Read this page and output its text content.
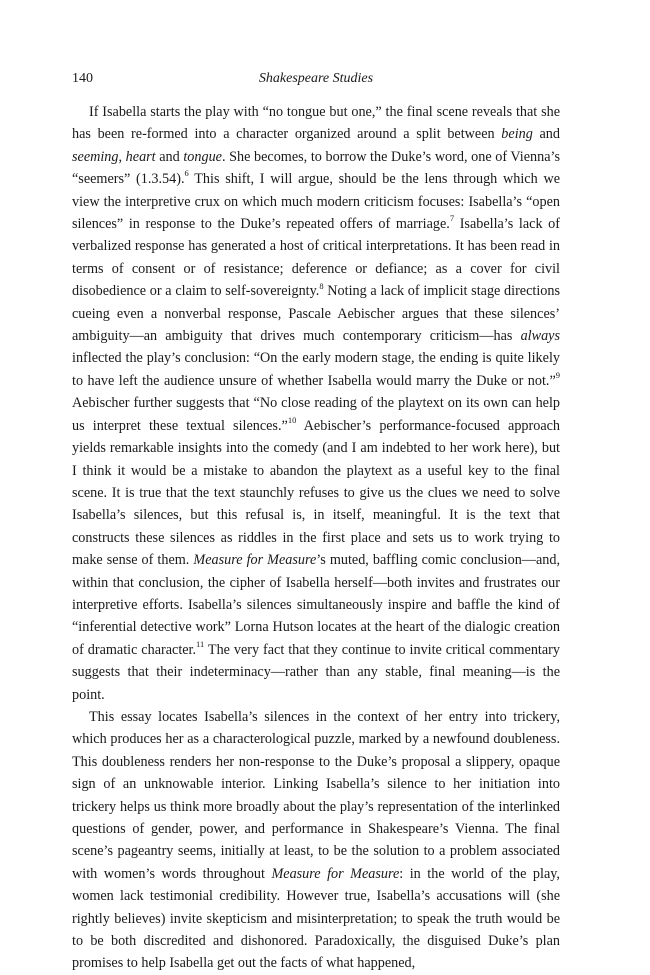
140	Shakespeare Studies

If Isabella starts the play with “no tongue but one,” the final scene reveals that she has been re-formed into a character organized around a split between being and seeming, heart and tongue. She becomes, to borrow the Duke’s word, one of Vienna’s “seemers” (1.3.54).$^6$ This shift, I will argue, should be the lens through which we view the interpretive crux on which much modern criticism focuses: Isabella’s “open silences” in response to the Duke’s repeated offers of marriage.$^7$ Isabella’s lack of verbalized response has generated a host of critical interpretations. It has been read in terms of consent or of resistance; deference or defiance; as a cover for civil disobedience or a claim to self-sovereignty.$^8$ Noting a lack of implicit stage directions cueing even a nonverbal response, Pascale Aebischer argues that these silences’ ambiguity—an ambiguity that drives much contemporary criticism—has always inflected the play’s conclusion: “On the early modern stage, the ending is quite likely to have left the audience unsure of whether Isabella would marry the Duke or not.”$^9$ Aebischer further suggests that “No close reading of the playtext on its own can help us interpret these textual silences.”$^{10}$ Aebischer’s performance-focused approach yields remarkable insights into the comedy (and I am indebted to her work here), but I think it would be a mistake to abandon the playtext as a useful key to the final scene. It is true that the text staunchly refuses to give us the clues we need to solve Isabella’s silences, but this refusal is, in itself, meaningful. It is the text that constructs these silences as riddles in the first place and sets us to work trying to make sense of them. Measure for Measure’s muted, baffling comic conclusion—and, within that conclusion, the cipher of Isabella herself—both invites and frustrates our interpretive efforts. Isabella’s silences simultaneously inspire and baffle the kind of “inferential detective work” Lorna Hutson locates at the heart of the dialogic creation of dramatic character.$^{11}$ The very fact that they continue to invite critical commentary suggests that their indeterminacy—rather than any stable, final meaning—is the point.

This essay locates Isabella’s silences in the context of her entry into trickery, which produces her as a characterological puzzle, marked by a newfound doubleness. This doubleness renders her non-response to the Duke’s proposal a slippery, opaque sign of an unknowable interior. Linking Isabella’s silence to her initiation into trickery helps us think more broadly about the play’s representation of the interlinked questions of gender, power, and performance in Shakespeare’s Vienna. The final scene’s pageantry seems, initially at least, to be the solution to a problem associated with women’s words throughout Measure for Measure: in the world of the play, women lack testimonial credibility. However true, Isabella’s accusations will (she rightly believes) invite skepticism and misinterpretation; to speak the truth would be to be both discredited and dishonored. Paradoxically, the disguised Duke’s plan promises to help Isabella get out the facts of what happened,
